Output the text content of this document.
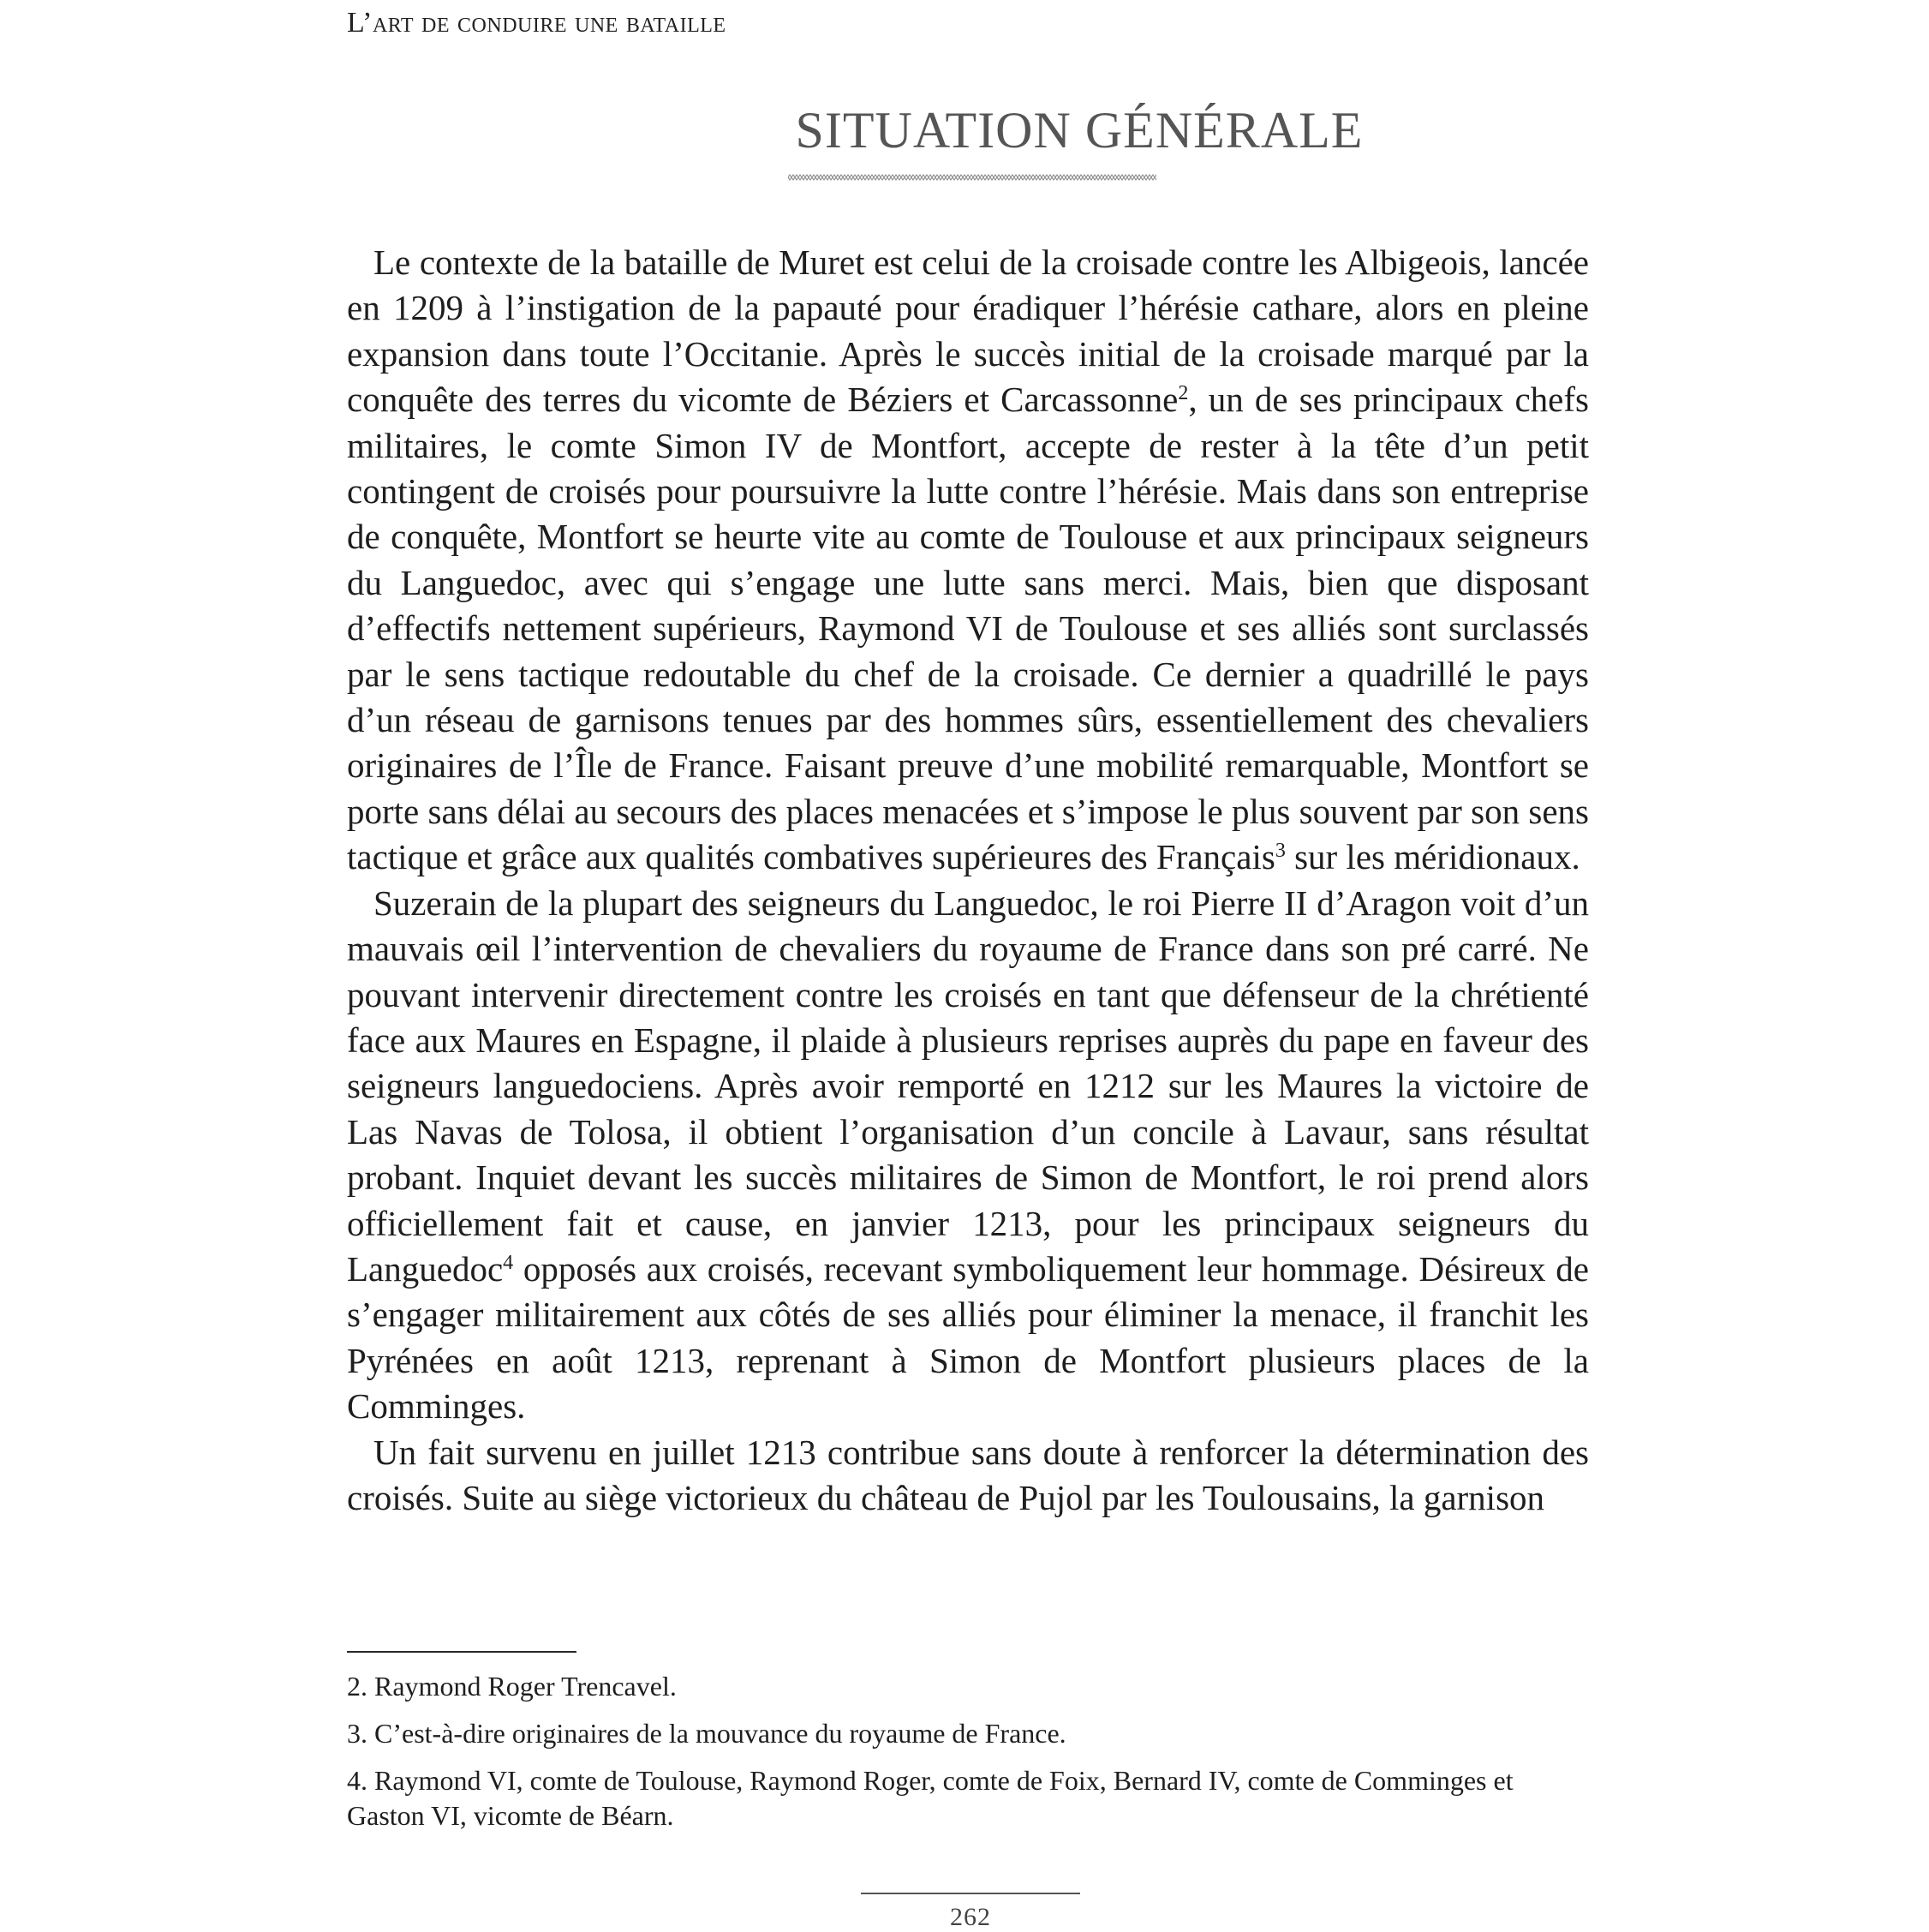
L’art de conduire une bataille
SITUATION GÉNÉRALE

Le contexte de la bataille de Muret est celui de la croisade contre les Albigeois, lancée en 1209 à l’instigation de la papauté pour éradiquer l’hérésie cathare, alors en pleine expansion dans toute l’Occitanie. Après le succès initial de la croisade marqué par la conquête des terres du vicomte de Béziers et Carcassonne$^2$, un de ses principaux chefs militaires, le comte Simon IV de Montfort, accepte de rester à la tête d’un petit contingent de croisés pour poursuivre la lutte contre l’hérésie. Mais dans son entreprise de conquête, Montfort se heurte vite au comte de Toulouse et aux principaux seigneurs du Languedoc, avec qui s’engage une lutte sans merci. Mais, bien que disposant d’effectifs nettement supérieurs, Raymond VI de Toulouse et ses alliés sont surclassés par le sens tactique redoutable du chef de la croisade. Ce dernier a quadrillé le pays d’un réseau de garnisons tenues par des hommes sûrs, essentiellement des chevaliers originaires de l’Île de France. Faisant preuve d’une mobilité remarquable, Montfort se porte sans délai au secours des places menacées et s’impose le plus souvent par son sens tactique et grâce aux qualités combatives supérieures des Français$^3$ sur les méridionaux.

Suzerain de la plupart des seigneurs du Languedoc, le roi Pierre II d’Aragon voit d’un mauvais œil l’intervention de chevaliers du royaume de France dans son pré carré. Ne pouvant intervenir directement contre les croisés en tant que défenseur de la chrétienté face aux Maures en Espagne, il plaide à plusieurs reprises auprès du pape en faveur des seigneurs languedociens. Après avoir remporté en 1212 sur les Maures la victoire de Las Navas de Tolosa, il obtient l’organisation d’un concile à Lavaur, sans résultat probant. Inquiet devant les succès militaires de Simon de Montfort, le roi prend alors officiellement fait et cause, en janvier 1213, pour les principaux seigneurs du Languedoc$^4$ opposés aux croisés, recevant symboliquement leur hommage. Désireux de s’engager militairement aux côtés de ses alliés pour éliminer la menace, il franchit les Pyrénées en août 1213, reprenant à Simon de Montfort plusieurs places de la Comminges.

Un fait survenu en juillet 1213 contribue sans doute à renforcer la détermination des croisés. Suite au siège victorieux du château de Pujol par les Toulousains, la garnison

2. Raymond Roger Trencavel.

3. C’est-à-dire originaires de la mouvance du royaume de France.

4. Raymond VI, comte de Toulouse, Raymond Roger, comte de Foix, Bernard IV, comte de Comminges et Gaston VI, vicomte de Béarn.

262
